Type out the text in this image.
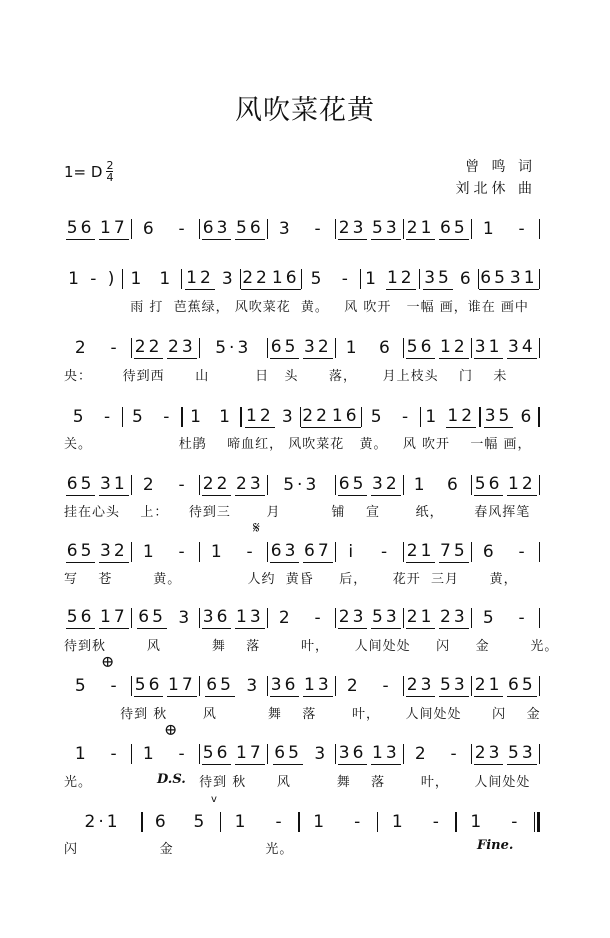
风吹菜花黄
1= D $\frac{2}{4}$	曾 鸣 词
刘北休 曲
56 17 6 - 63 56 3 - 23 53 21 65 1 -
1 - ) 1 1 12 3 22 16 5 - 1 12 35 6 65 31
雨 打 芭蕉绿， 风吹菜花 黄。 风 吹开 一幅 画，谁在 画中
2 - 22 23 5·3 65 32 1 6 56 12 31 34
央： 待到西 山	日 头 落， 月上枝头 门 未
5 - 5 - 1 1 12 3 22 16 5 - 1 12 35 6
关。	杜鹃 啼血红， 风吹菜花 黄。 风 吹开 一幅 画，
65 31 2 - 22 23 5·3 65 32 1 6 56 12
挂在心头 上： 待到三	月	铺 宣	纸， 春风挥笔
65 32 1 - 1 - 63 67 i - 21 75 6 -
写 苍	黄。	人约 黄昏 后， 花开 三月 黄，
56 17 65 3 36 13 2 - 23 53 21 23 5 -
待到秋	风	舞 落	叶， 人间处处 闪 金	光。
5 - 56 17 65 3 36 13 2 - 23 53 21 65
待到 秋	风	舞 落	叶， 人间处处 闪 金
1 - 1 - 56 17 65 3 36 13 2 - 23 53
光。	待到 秋 风	舞 落	叶， 人间处处
2·1 6 5 1 - 1 - 1 - 1 -
闪	金	光。
𝄋
⊕
⊕
D.S.
Fine.
v
